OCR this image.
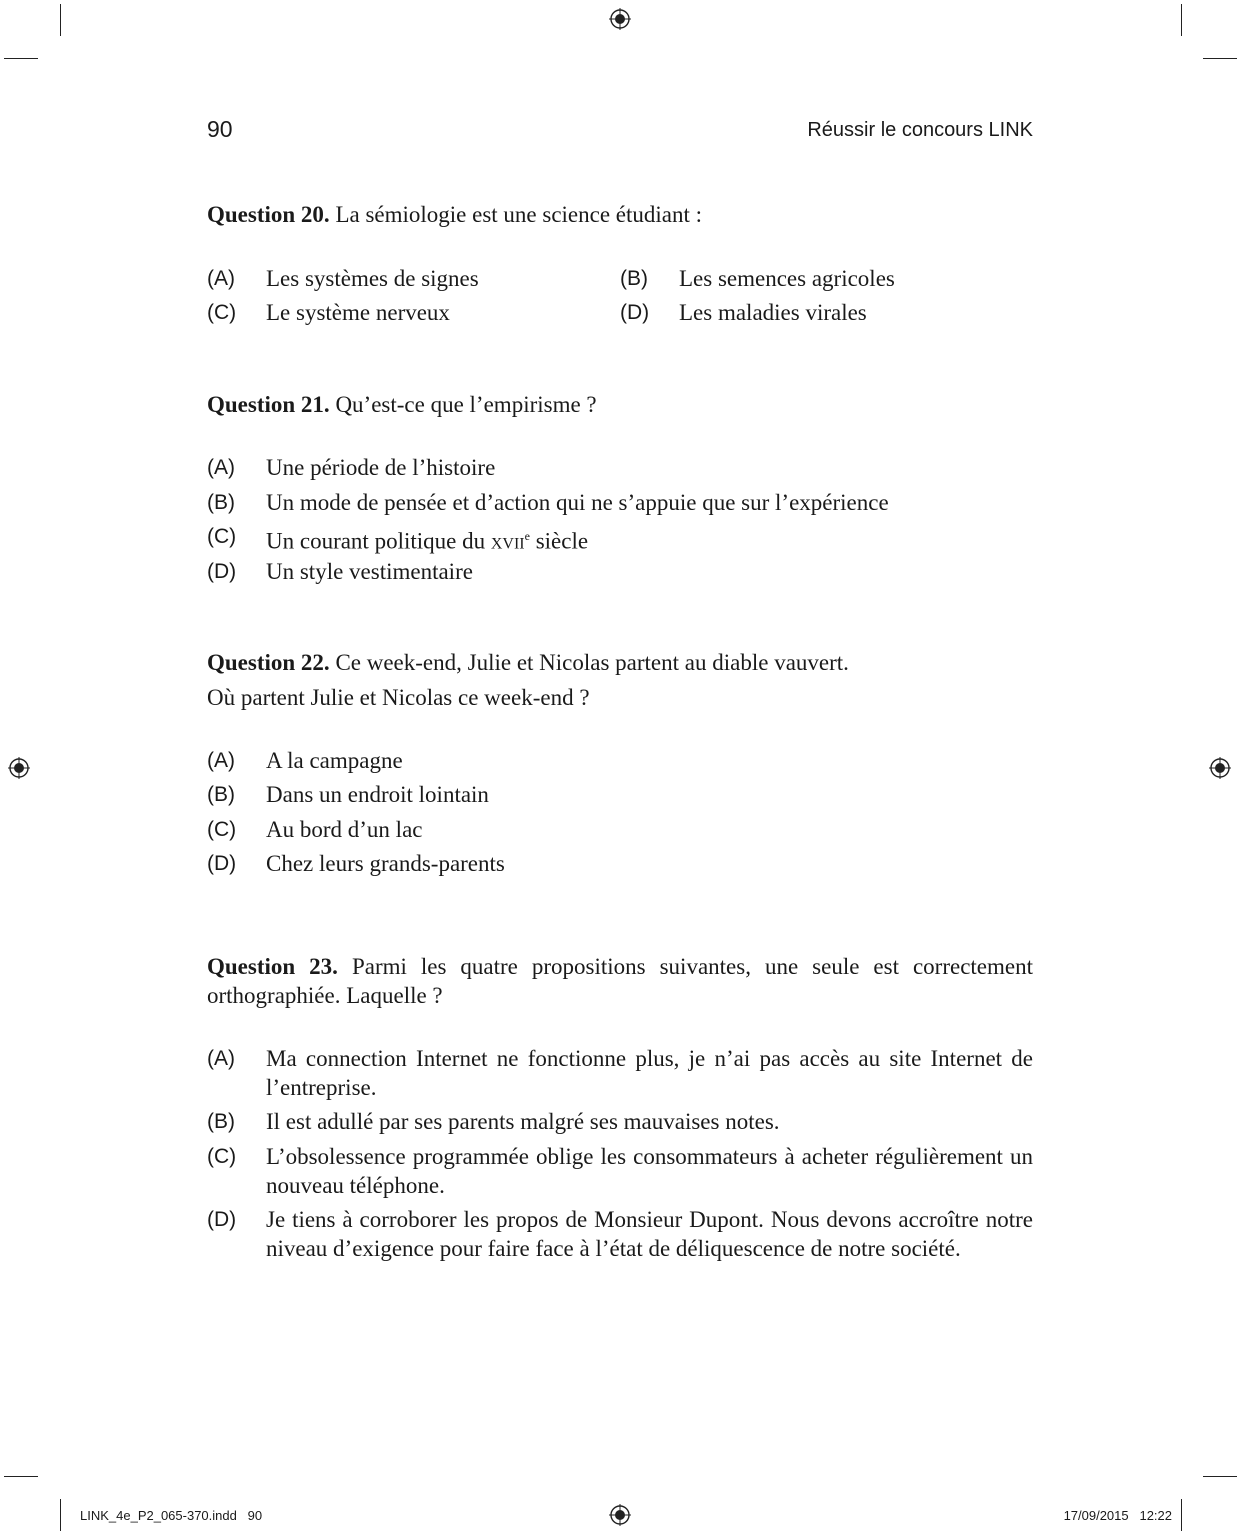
90	Réussir le concours LINK
Question 20. La sémiologie est une science étudiant :
(A) Les systèmes de signes	(B) Les semences agricoles
(C) Le système nerveux	(D) Les maladies virales
Question 21. Qu’est-ce que l’empirisme ?
(A) Une période de l’histoire
(B) Un mode de pensée et d’action qui ne s’appuie que sur l’expérience
(C) Un courant politique du xvii$^e$ siècle
(D) Un style vestimentaire
Question 22. Ce week-end, Julie et Nicolas partent au diable vauvert.
Où partent Julie et Nicolas ce week-end ?
(A) A la campagne
(B) Dans un endroit lointain
(C) Au bord d’un lac
(D) Chez leurs grands-parents
Question 23. Parmi les quatre propositions suivantes, une seule est correctement orthographiée. Laquelle ?
(A) Ma connection Internet ne fonctionne plus, je n’ai pas accès au site Internet de l’entreprise.
(B) Il est adullé par ses parents malgré ses mauvaises notes.
(C) L’obsolessence programmée oblige les consommateurs à acheter régulièrement un nouveau téléphone.
(D) Je tiens à corroborer les propos de Monsieur Dupont. Nous devons accroître notre niveau d’exigence pour faire face à l’état de déliquescence de notre société.
LINK_4e_P2_065-370.indd   90	17/09/2015   12:22
